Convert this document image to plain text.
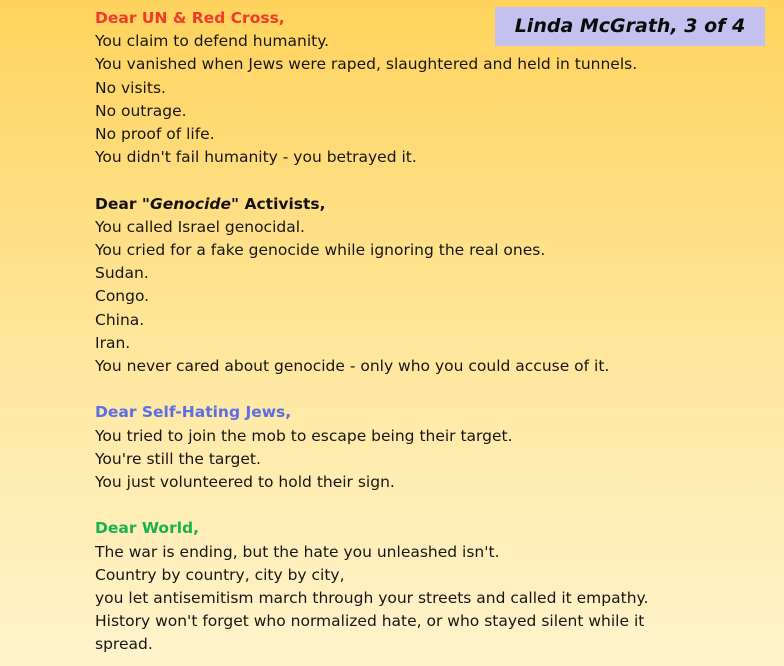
Linda McGrath, 3 of 4
Dear UN & Red Cross,
You claim to defend humanity.
You vanished when Jews were raped, slaughtered and held in tunnels.
No visits.
No outrage.
No proof of life.
You didn't fail humanity - you betrayed it.
Dear "Genocide" Activists,
You called Israel genocidal.
You cried for a fake genocide while ignoring the real ones.
Sudan.
Congo.
China.
Iran.
You never cared about genocide - only who you could accuse of it.
Dear Self-Hating Jews,
You tried to join the mob to escape being their target.
You're still the target.
You just volunteered to hold their sign.
Dear World,
The war is ending, but the hate you unleashed isn't.
Country by country, city by city,
you let antisemitism march through your streets and called it empathy.
History won't forget who normalized hate, or who stayed silent while it spread.
